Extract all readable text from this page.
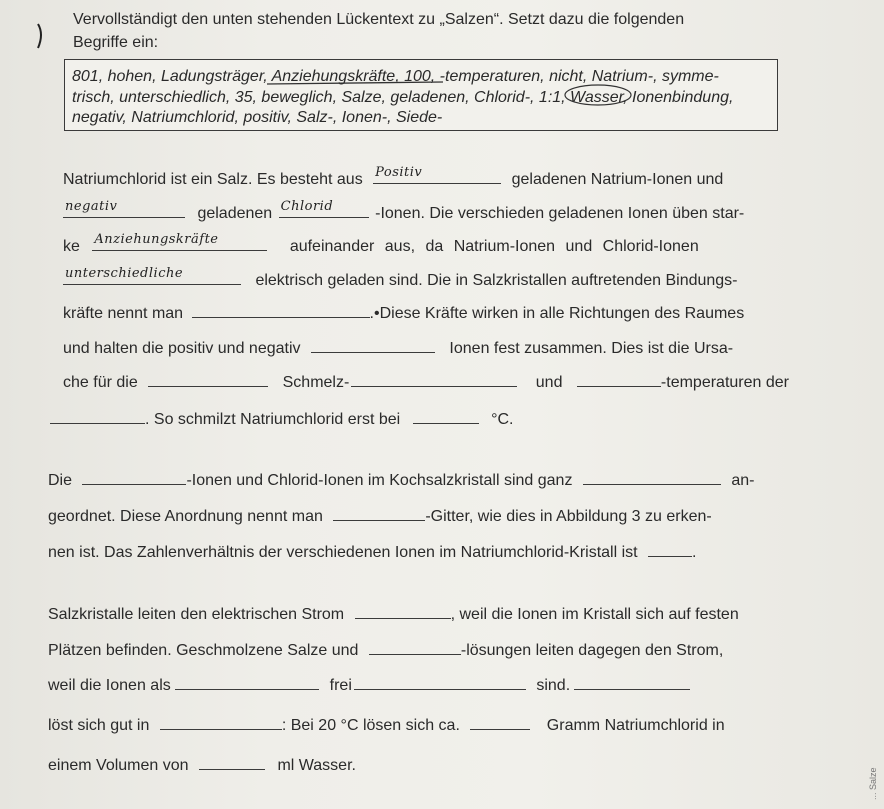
Vervollständigt den unten stehenden Lückentext zu „Salzen“. Setzt dazu die folgenden
Begriffe ein:
801, hohen, Ladungsträger, Anziehungskräfte, 100, -temperaturen, nicht, Natrium-, symme-
trisch, unterschiedlich, 35, beweglich, Salze, geladenen, Chlorid-, 1:1, Wasser, Ionenbindung,
negativ, Natriumchlorid, positiv, Salz-, Ionen-, Siede-
Natriumchlorid ist ein Salz. Es besteht aus Positiv	geladenen Natrium-Ionen und
negativ	geladenen Chlorid	-Ionen. Die verschieden geladenen Ionen üben star-
ke Anziehungskräfte	aufeinander aus, da Natrium-Ionen und Chlorid-Ionen
unterschiedliche	elektrisch geladen sind. Die in Salzkristallen auftretenden Bindungs-
kräfte nennt man	.•Diese Kräfte wirken in alle Richtungen des Raumes
und halten die positiv und negativ	Ionen fest zusammen. Dies ist die Ursa-
che für die	Schmelz-	und	-temperaturen der
. So schmilzt Natriumchlorid erst bei	°C.
Die	-Ionen und Chlorid-Ionen im Kochsalzkristall sind ganz	an-
geordnet. Diese Anordnung nennt man	-Gitter, wie dies in Abbildung 3 zu erken-
nen ist. Das Zahlenverhältnis der verschiedenen Ionen im Natriumchlorid-Kristall ist	.
Salzkristalle leiten den elektrischen Strom	, weil die Ionen im Kristall sich auf festen
Plätzen befinden. Geschmolzene Salze und	-lösungen leiten dagegen den Strom,
weil die Ionen als	frei	sind.
löst sich gut in	: Bei 20 °C lösen sich ca.	Gramm Natriumchlorid in
einem Volumen von	ml Wasser.
... Salze
